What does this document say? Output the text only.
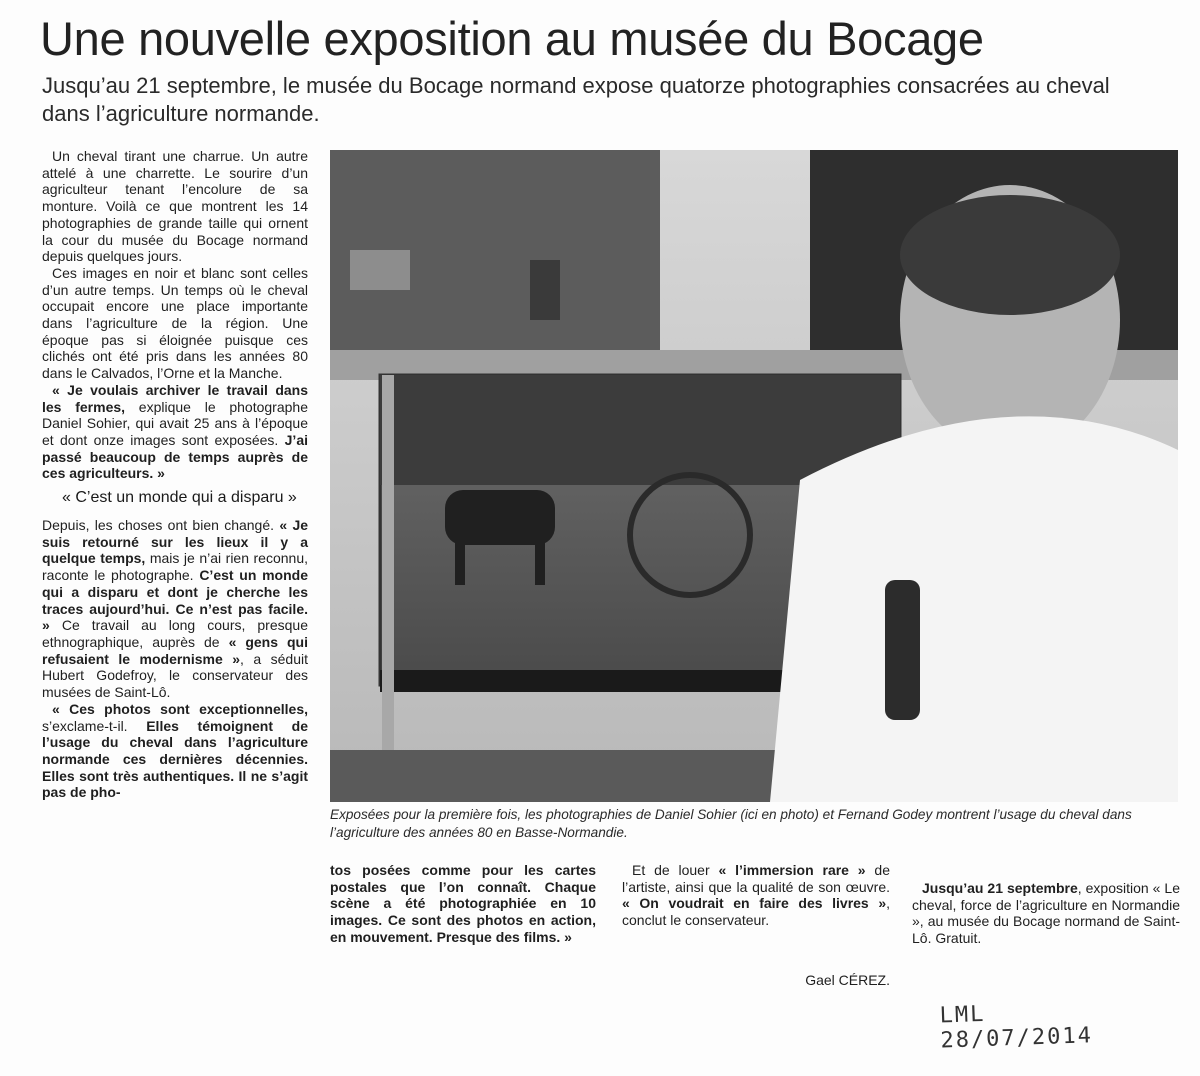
Une nouvelle exposition au musée du Bocage
Jusqu’au 21 septembre, le musée du Bocage normand expose quatorze photographies consacrées au cheval dans l’agriculture normande.

Un cheval tirant une charrue. Un autre attelé à une charrette. Le sourire d’un agriculteur tenant l’encolure de sa monture. Voilà ce que montrent les 14 photographies de grande taille qui ornent la cour du musée du Bocage normand depuis quelques jours.

Ces images en noir et blanc sont celles d’un autre temps. Un temps où le cheval occupait encore une place importante dans l’agriculture de la région. Une époque pas si éloignée puisque ces clichés ont été pris dans les années 80 dans le Calvados, l’Orne et la Manche.

« Je voulais archiver le travail dans les fermes, explique le photographe Daniel Sohier, qui avait 25 ans à l’époque et dont onze images sont exposées. J’ai passé beaucoup de temps auprès de ces agriculteurs. »

« C’est un monde qui a disparu »

Depuis, les choses ont bien changé. « Je suis retourné sur les lieux il y a quelque temps, mais je n’ai rien reconnu, raconte le photographe. C’est un monde qui a disparu et dont je cherche les traces aujourd’hui. Ce n’est pas facile. » Ce travail au long cours, presque ethnographique, auprès de « gens qui refusaient le modernisme », a séduit Hubert Godefroy, le conservateur des musées de Saint-Lô.

« Ces photos sont exceptionnelles, s’exclame-t-il. Elles témoignent de l’usage du cheval dans l’agriculture normande ces dernières décennies. Elles sont très authentiques. Il ne s’agit pas de pho-

Exposées pour la première fois, les photographies de Daniel Sohier (ici en photo) et Fernand Godey montrent l’usage du cheval dans l’agriculture des années 80 en Basse-Normandie.

tos posées comme pour les cartes postales que l’on connaît. Chaque scène a été photographiée en 10 images. Ce sont des photos en action, en mouvement. Presque des films. »

Et de louer « l’immersion rare » de l’artiste, ainsi que la qualité de son œuvre. « On voudrait en faire des livres », conclut le conservateur.

Gael CÉREZ.

Jusqu’au 21 septembre, exposition « Le cheval, force de l’agriculture en Normandie », au musée du Bocage normand de Saint-Lô. Gratuit.

LML 28/07/2014
